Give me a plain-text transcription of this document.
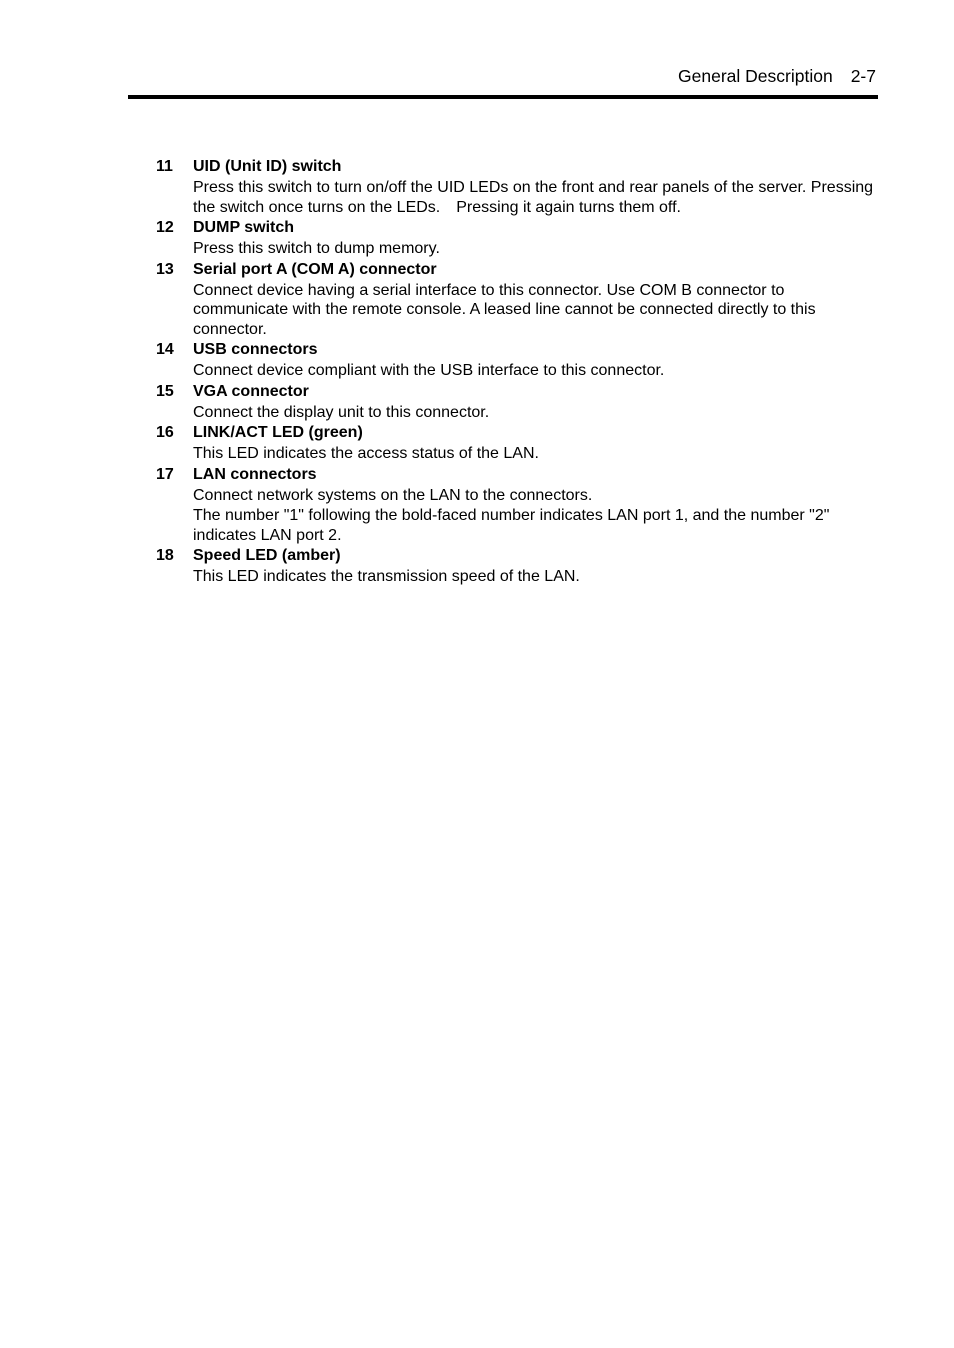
General Description 2-7
11 UID (Unit ID) switch
Press this switch to turn on/off the UID LEDs on the front and rear panels of the server. Pressing the switch once turns on the LEDs.　Pressing it again turns them off.
12 DUMP switch
Press this switch to dump memory.
13 Serial port A (COM A) connector
Connect device having a serial interface to this connector. Use COM B connector to communicate with the remote console. A leased line cannot be connected directly to this connector.
14 USB connectors
Connect device compliant with the USB interface to this connector.
15 VGA connector
Connect the display unit to this connector.
16 LINK/ACT LED (green)
This LED indicates the access status of the LAN.
17 LAN connectors
Connect network systems on the LAN to the connectors.
The number "1" following the bold-faced number indicates LAN port 1, and the number "2" indicates LAN port 2.
18 Speed LED (amber)
This LED indicates the transmission speed of the LAN.
